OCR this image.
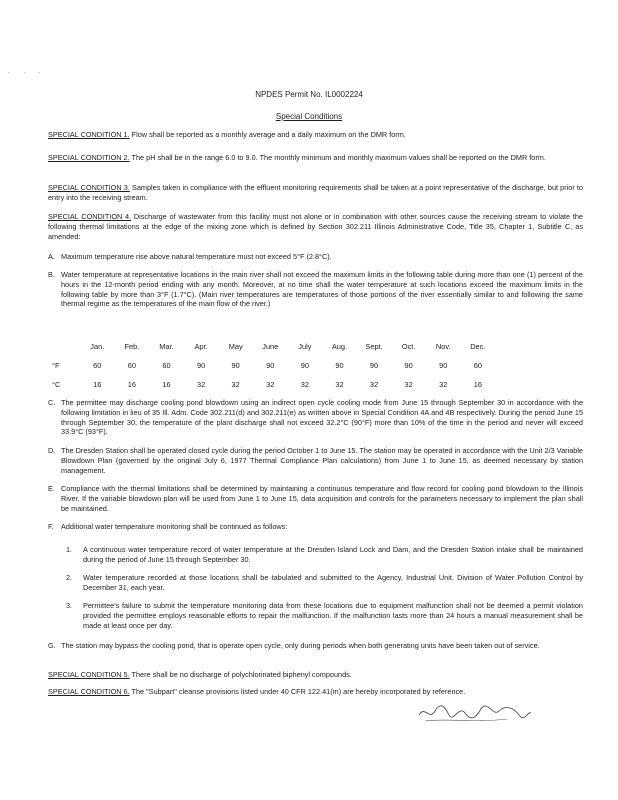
. . .
NPDES Permit No. IL0002224
Special Conditions
SPECIAL CONDITION 1. Flow shall be reported as a monthly average and a daily maximum on the DMR form.
SPECIAL CONDITION 2. The pH shall be in the range 6.0 to 9.0. The monthly minimum and monthly maximum values shall be reported on the DMR form.
SPECIAL CONDITION 3. Samples taken in compliance with the effluent monitoring requirements shall be taken at a point representative of the discharge, but prior to entry into the receiving stream.
SPECIAL CONDITION 4. Discharge of wastewater from this facility must not alone or in combination with other sources cause the receiving stream to violate the following thermal limitations at the edge of the mixing zone which is defined by Section 302.211 Illinois Administrative Code, Title 35, Chapter 1, Subtitle C, as amended:
A. Maximum temperature rise above natural temperature must not exceed 5°F (2.8°C).
B. Water temperature at representative locations in the main river shall not exceed the maximum limits in the following table during more than one (1) percent of the hours in the 12-month period ending with any month. Moreover, at no time shall the water temperature at such locations exceed the maximum limits in the following table by more than 3°F (1.7°C). (Main river temperatures are temperatures of those portions of the river essentially similar to and following the same thermal regime as the temperatures of the main flow of the river.)
	Jan.	Feb.	Mar.	Apr.	May	June	July	Aug.	Sept.	Oct.	Nov.	Dec.
°F	60	60	60	90	90	90	90	90	90	90	90	60
°C	16	16	16	32	32	32	32	32	32	32	32	16
C. The permittee may discharge cooling pond blowdown using an indirect open cycle cooling mode from June 15 through September 30 in accordance with the following limitation in lieu of 35 Ill. Adm. Code 302.211(d) and 302.211(e) as written above in Special Condition 4A and 4B respectively. During the period June 15 through September 30, the temperature of the plant discharge shall not exceed 32.2°C (90°F) more than 10% of the time in the period and never will exceed 33.9°C (93°F).
D. The Dresden Station shall be operated closed cycle during the period October 1 to June 15. The station may be operated in accordance with the Unit 2/3 Variable Blowdown Plan (governed by the original July 6, 1977 Thermal Compliance Plan calculations) from June 1 to June 15, as deemed necessary by station management.
E. Compliance with the thermal limitations shall be determined by maintaining a continuous temperature and flow record for cooling pond blowdown to the Illinois River. If the variable blowdown plan will be used from June 1 to June 15, data acquisition and controls for the parameters necessary to implement the plan shall be maintained.
F. Additional water temperature monitoring shall be continued as follows:
1. A continuous water temperature record of water temperature at the Dresden Island Lock and Dam, and the Dresden Station intake shall be maintained during the period of June 15 through September 30.
2. Water temperature recorded at those locations shall be tabulated and submitted to the Agency, Industrial Unit, Division of Water Pollution Control by December 31, each year.
3. Permittee's failure to submit the temperature monitoring data from these locations due to equipment malfunction shall not be deemed a permit violation provided the permittee employs reasonable efforts to repair the malfunction. If the malfunction lasts more than 24 hours a manual measurement shall be made at least once per day.
G. The station may bypass the cooling pond, that is operate open cycle, only during periods when both generating units have been taken out of service.
SPECIAL CONDITION 5. There shall be no discharge of polychlorinated biphenyl compounds.
SPECIAL CONDITION 6. The "Subpart" cleanse provisions listed under 40 CFR 122.41(m) are hereby incorporated by reference.
